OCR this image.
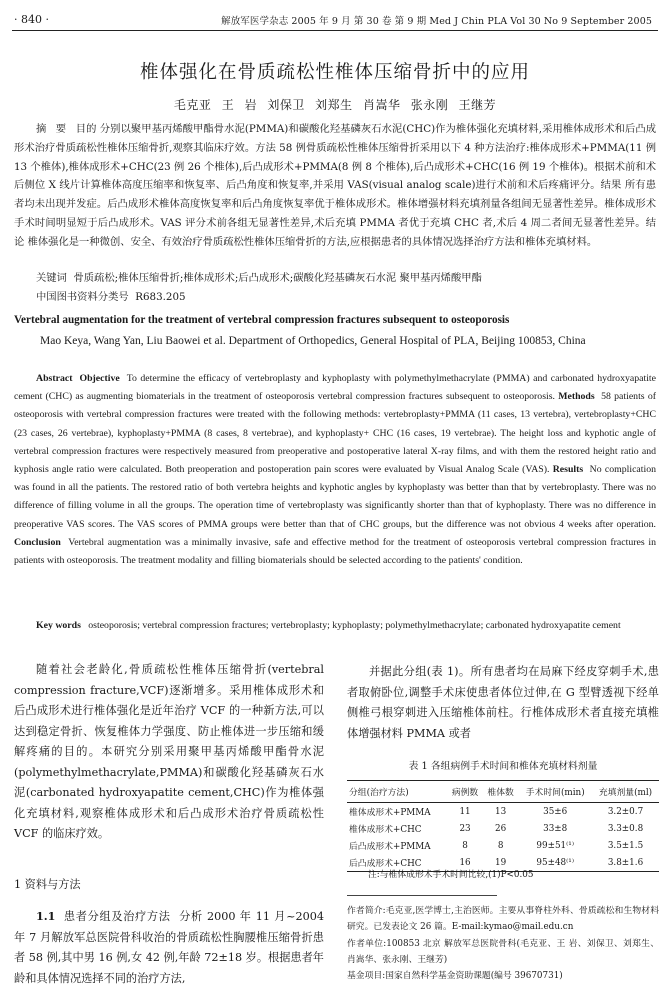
· 840 ·	解放军医学杂志 2005 年 9 月 第 30 卷 第 9 期 Med J Chin PLA Vol 30 No 9 September 2005
椎体强化在骨质疏松性椎体压缩骨折中的应用
毛克亚 王 岩 刘保卫 刘郑生 肖嵩华 张永刚 王继芳
摘 要 目的 分别以聚甲基丙烯酸甲酯骨水泥(PMMA)和碳酸化羟基磷灰石水泥(CHC)作为椎体强化充填材料,采用椎体成形术和后凸成形术治疗骨质疏松性椎体压缩骨折,观察其临床疗效。方法 58 例骨质疏松性椎体压缩骨折采用以下 4 种方法治疗:椎体成形术+PMMA(11 例 13 个椎体),椎体成形术+CHC(23 例 26 个椎体),后凸成形术+PMMA(8 例 8 个椎体),后凸成形术+CHC(16 例 19 个椎体)。根据术前和术后侧位 X 线片计算椎体高度压缩率和恢复率、后凸角度和恢复率,并采用 VAS(visual analog scale)进行术前和术后疼痛评分。结果 所有患者均未出现并发症。后凸成形术椎体高度恢复率和后凸角度恢复率优于椎体成形术。椎体增强材料充填剂量各组间无显著性差异。椎体成形术手术时间明显短于后凸成形术。VAS 评分术前各组无显著性差异,术后充填 PMMA 者优于充填 CHC 者,术后 4 周二者间无显著性差异。结论 椎体强化是一种微创、安全、有效治疗骨质疏松性椎体压缩骨折的方法,应根据患者的具体情况选择治疗方法和椎体充填材料。
关键词 骨质疏松;椎体压缩骨折;椎体成形术;后凸成形术;碳酸化羟基磷灰石水泥 聚甲基丙烯酸甲酯
中国图书资料分类号 R683.205
Vertebral augmentation for the treatment of vertebral compression fractures subsequent to osteoporosis
Mao Keya, Wang Yan, Liu Baowei et al. Department of Orthopedics, General Hospital of PLA, Beijing 100853, China
Abstract Objective To determine the efficacy of vertebroplasty and kyphoplasty with polymethylmethacrylate (PMMA) and carbonated hydroxyapatite cement (CHC) as augmenting biomaterials in the treatment of osteoporosis vertebral compression fractures subsequent to osteoporosis. Methods 58 patients of osteoporosis with vertebral compression fractures were treated with the following methods: vertebroplasty+PMMA (11 cases, 13 vertebra), vertebroplasty+CHC (23 cases, 26 vertebrae), kyphoplasty+PMMA (8 cases, 8 vertebrae), and kyphoplasty+ CHC (16 cases, 19 vertebrae). The height loss and kyphotic angle of vertebral compression fractures were respectively measured from preoperative and postoperative lateral X-ray films, and with them the restored height ratio and kyphosis angle ratio were calculated. Both preoperation and postoperation pain scores were evaluated by Visual Analog Scale (VAS). Results No complication was found in all the patients. The restored ratio of both vertebra heights and kyphotic angles by kyphoplasty was better than that by vertebroplasty. There was no difference of filling volume in all the groups. The operation time of vertebroplasty was significantly shorter than that of kyphoplasty. There was no difference in preoperative VAS scores. The VAS scores of PMMA groups were better than that of CHC groups, but the difference was not obvious 4 weeks after operation. Conclusion Vertebral augmentation was a minimally invasive, safe and effective method for the treatment of osteoporosis vertebral compression fractures in patients with osteoporosis. The treatment modality and filling biomaterials should be selected according to the patients' condition.
Key words osteoporosis; vertebral compression fractures; vertebroplasty; kyphoplasty; polymethylmethacrylate; carbonated hydroxyapatite cement
随着社会老龄化,骨质疏松性椎体压缩骨折(vertebral compression fracture,VCF)逐渐增多。采用椎体成形术和后凸成形术进行椎体强化是近年治疗 VCF 的一种新方法,可以达到稳定骨折、恢复椎体力学强度、防止椎体进一步压缩和缓解疼痛的目的。本研究分别采用聚甲基丙烯酸甲酯骨水泥(polymethylmethacrylate,PMMA)和碳酸化羟基磷灰石水泥(carbonated hydroxyapatite cement,CHC)作为椎体强化充填材料,观察椎体成形术和后凸成形术治疗骨质疏松性 VCF 的临床疗效。
1 资料与方法
1.1 患者分组及治疗方法 分析 2000 年 11 月~2004 年 7 月解放军总医院骨科收治的骨质疏松性胸腰椎压缩骨折患者 58 例,其中男 16 例,女 42 例,年龄 72±18 岁。根据患者年龄和具体情况选择不同的治疗方法,
并据此分组(表 1)。所有患者均在局麻下经皮穿刺手术,患者取俯卧位,调整手术床使患者体位过伸,在 G 型臂透视下经单侧椎弓根穿刺进入压缩椎体前柱。行椎体成形术者直接充填椎体增强材料 PMMA 或者
表 1 各组病例手术时间和椎体充填材料剂量
分组(治疗方法)	病例数	椎体数	手术时间(min)	充填剂量(ml)
椎体成形术+PMMA	11	13	35±6	3.2±0.7
椎体成形术+CHC	23	26	33±8	3.3±0.8
后凸成形术+PMMA	8	8	99±51⁽¹⁾	3.5±1.5
后凸成形术+CHC	16	19	95±48⁽¹⁾	3.8±1.6
注:与椎体成形术手术时间比较,(1)P<0.05
作者简介:毛克亚,医学博士,主治医师。主要从事脊柱外科、骨质疏松和生物材料研究。已发表论文 26 篇。E-mail:kymao@mail.edu.cn
作者单位:100853 北京 解放军总医院骨科(毛克亚、王 岩、刘保卫、刘郑生、肖嵩华、张永刚、王继芳)
基金项目:国家自然科学基金资助课题(编号 39670731)
